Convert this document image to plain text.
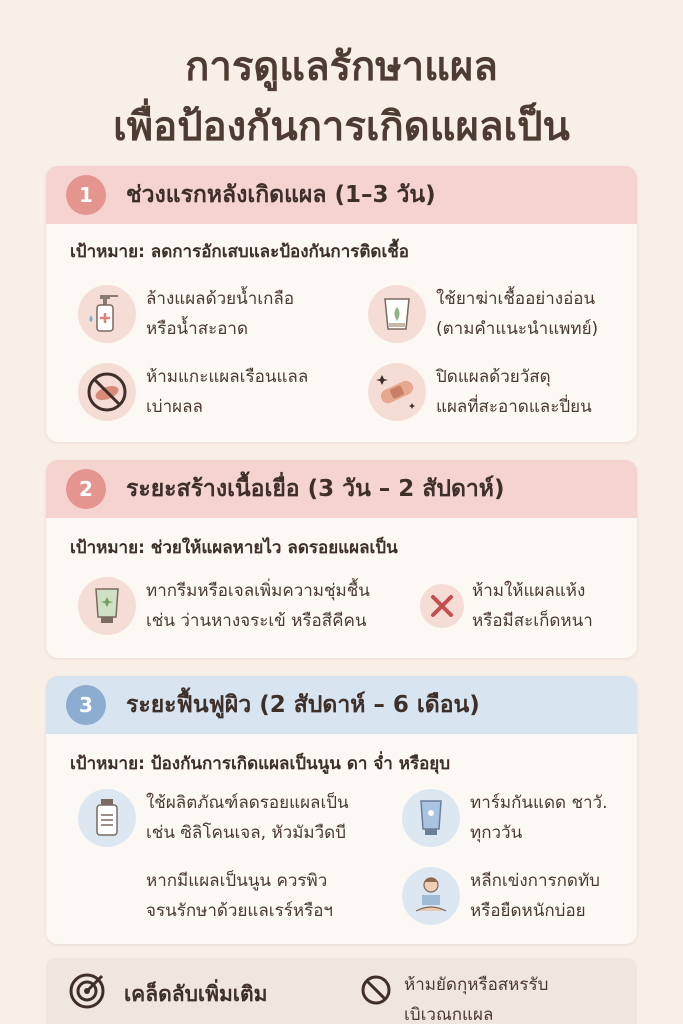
การดูแลรักษาแผล
เพื่อป้องกันการเกิดแผลเป็น
1	ช่วงแรกหลังเกิดแผล (1–3 วัน)
เป้าหมาย: ลดการอักเสบและป้องกันการติดเชื้อ
ล้างแผลด้วยน้ำเกลือ
หรือน้ำสะอาด
ใช้ยาฆ่าเชื้ออย่างอ่อน
(ตามคำแนะนำแพทย์)
ห้ามแกะแผลเรือนแลล
เบ่าผลล
ปิดแผลด้วยวัสดุ
แผลที่สะอาดและปี่ยน
2	ระยะสร้างเนื้อเยื่อ (3 วัน – 2 สัปดาห์)
เป้าหมาย: ช่วยให้แผลหายไว ลดรอยแผลเป็น
ทากรีมหรือเจลเพิ่มความชุ่มชื้น
เช่น ว่านหางจระเข้ หรือสีคีคน
ห้ามให้แผลแห้ง
หรือมีสะเก็ดหนา
3	ระยะฟื้นฟูผิว (2 สัปดาห์ – 6 เดือน)
เป้าหมาย: ป้องกันการเกิดแผลเป็นนูน ดา จ่ำ หรือยุบ
ใช้ผลิตภัณฑ์ลดรอยแผลเป็น
เช่น ซิลิโคนเจล, หัวมัมวืดบี
ทาร์มกันแดด ชาวั.
ทุกววัน
หากมีแผลเป็นนูน ควรพิว
จรนรักษาด้วยแลเรร์หรือฯ
หลีกเข่งการกดทับ
หรือยืดหนักบ่อย
เคล็ดลับเพิ่มเติม	ห้ามยัดกุหรือสหรรับ
เบิเวณกแผล
